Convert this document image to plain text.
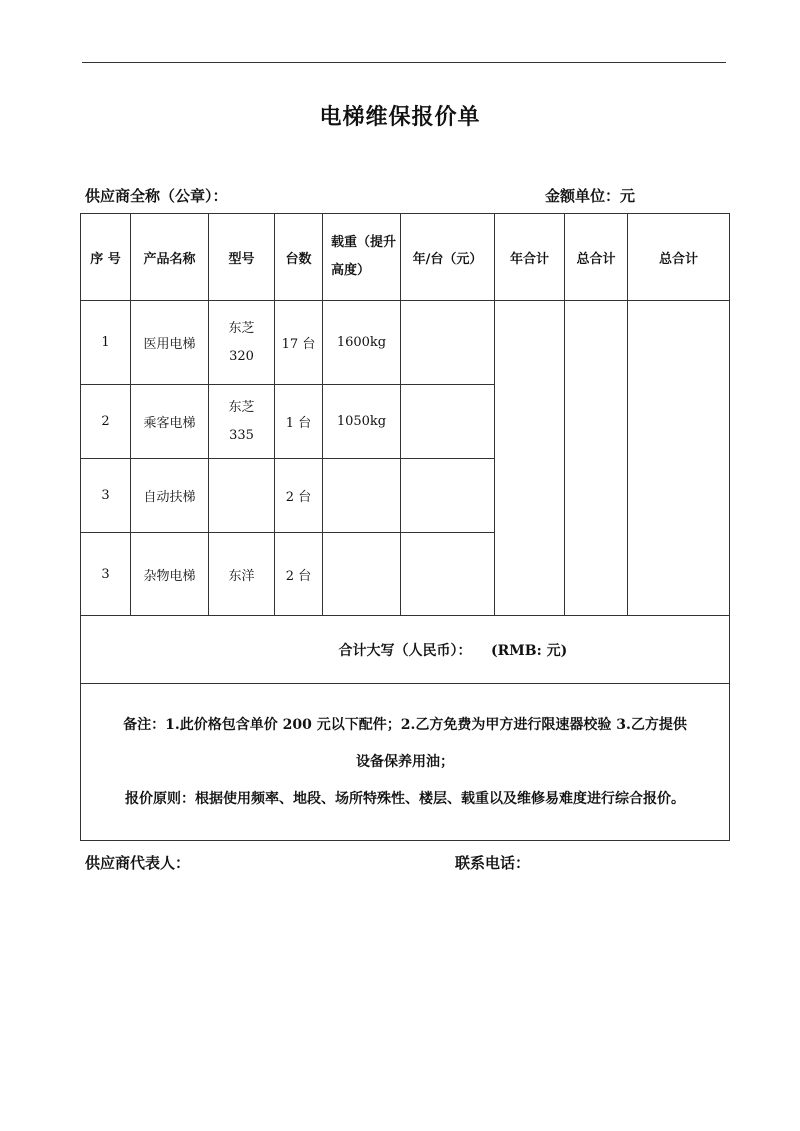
电梯维保报价单
供应商全称（公章）：	金额单位：元
序 号	产品名称	型号	台数	载重（提升高度）	年/台（元）	年合计	总合计	总合计
1	医用电梯	东芝320	17 台	1600kg				
2	乘客电梯	东芝335	1 台	1050kg				
3	自动扶梯		2 台					
3	杂物电梯	东洋	2 台					
合计大写（人民币）： (RMB: 元)								

备注：1.此价格包含单价 200 元以下配件；2.乙方免费为甲方进行限速器校验 3.乙方提供
设备保养用油；
报价原则：根据使用频率、地段、场所特殊性、楼层、载重以及维修易难度进行综合报价。								
供应商代表人：	联系电话：
